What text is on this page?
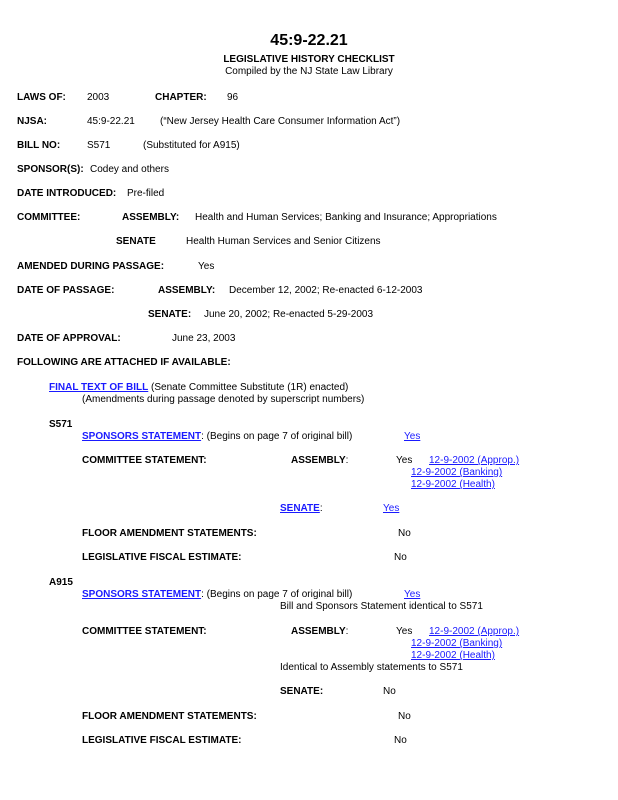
45:9-22.21
LEGISLATIVE HISTORY CHECKLIST
Compiled by the NJ State Law Library
LAWS OF: 2003	CHAPTER: 96
NJSA:	45:9-22.21	(“New Jersey Health Care Consumer Information Act”)
BILL NO:	S571	(Substituted for A915)
SPONSOR(S): Codey and others
DATE INTRODUCED: Pre-filed
COMMITTEE:	ASSEMBLY: Health and Human Services; Banking and Insurance; Appropriations
SENATE	Health Human Services and Senior Citizens
AMENDED DURING PASSAGE:	Yes
DATE OF PASSAGE:	ASSEMBLY: December 12, 2002; Re-enacted 6-12-2003
SENATE: June 20, 2002; Re-enacted 5-29-2003
DATE OF APPROVAL:	June 23, 2003
FOLLOWING ARE ATTACHED IF AVAILABLE:
FINAL TEXT OF BILL (Senate Committee Substitute (1R) enacted)
(Amendments during passage denoted by superscript numbers)
S571
SPONSORS STATEMENT: (Begins on page 7 of original bill)	Yes
COMMITTEE STATEMENT:	ASSEMBLY:	Yes 12-9-2002 (Approp.)
12-9-2002 (Banking)
12-9-2002 (Health)
SENATE:	Yes
FLOOR AMENDMENT STATEMENTS:	No
LEGISLATIVE FISCAL ESTIMATE:	No
A915
SPONSORS STATEMENT: (Begins on page 7 of original bill)	Yes
Bill and Sponsors Statement identical to S571
COMMITTEE STATEMENT:	ASSEMBLY:	Yes 12-9-2002 (Approp.)
12-9-2002 (Banking)
12-9-2002 (Health)
Identical to Assembly statements to S571
SENATE:	No
FLOOR AMENDMENT STATEMENTS:	No
LEGISLATIVE FISCAL ESTIMATE:	No
